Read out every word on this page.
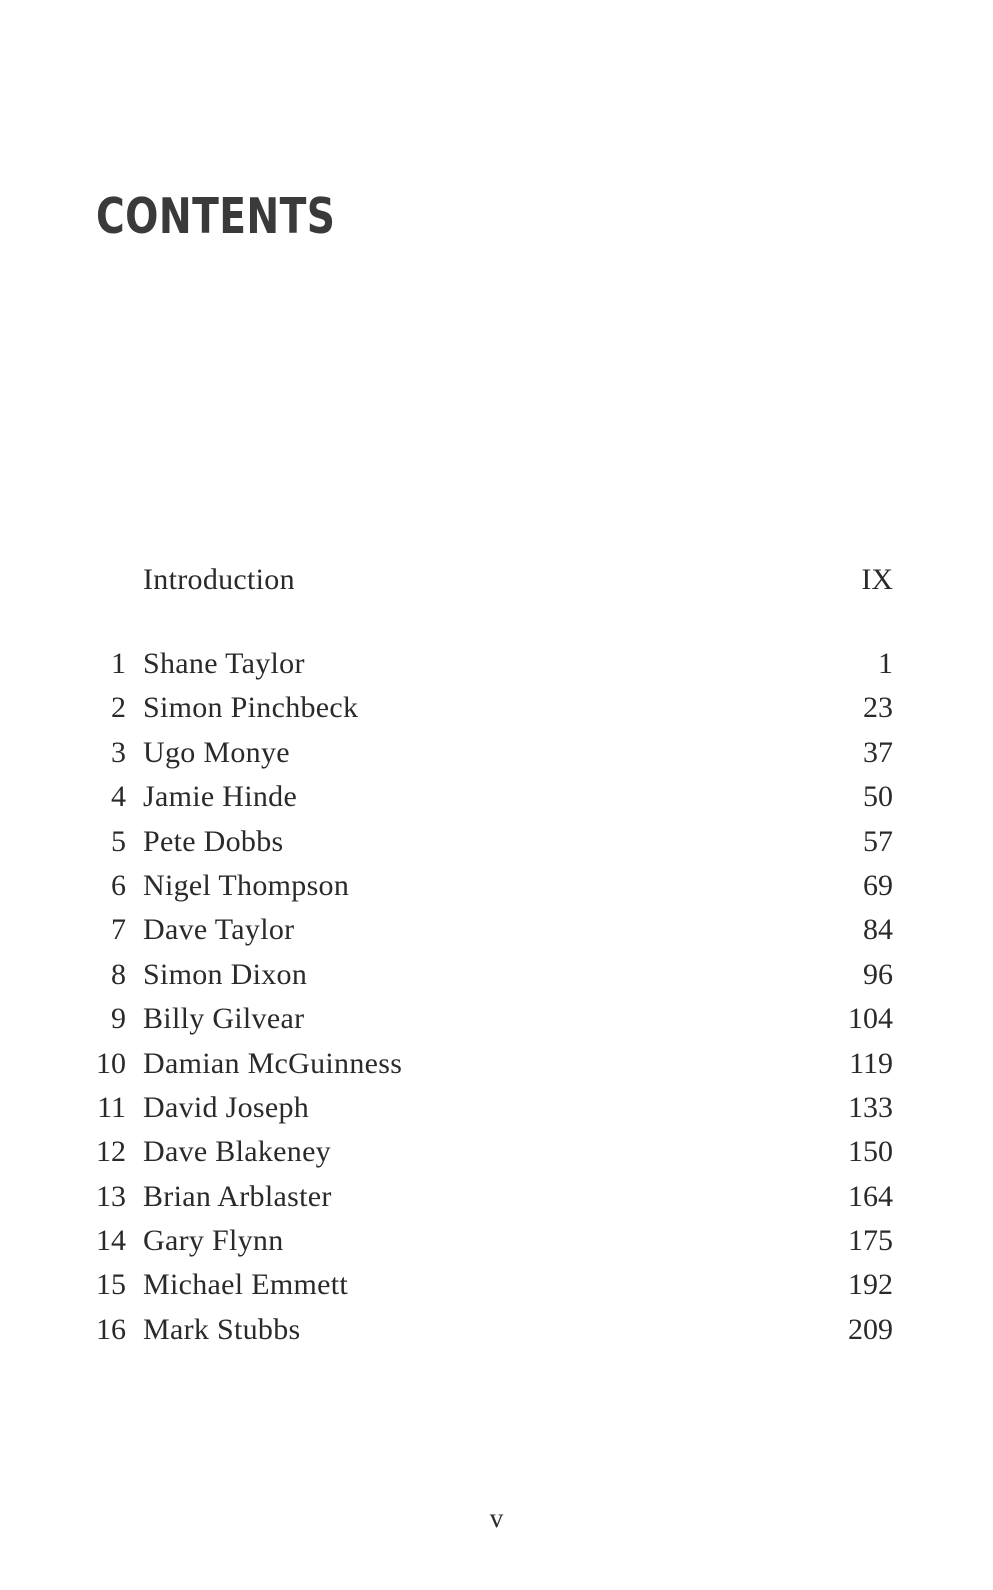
CONTENTS
Introduction	IX
1 Shane Taylor	1
2 Simon Pinchbeck	23
3 Ugo Monye	37
4 Jamie Hinde	50
5 Pete Dobbs	57
6 Nigel Thompson	69
7 Dave Taylor	84
8 Simon Dixon	96
9 Billy Gilvear	104
10 Damian McGuinness	119
11 David Joseph	133
12 Dave Blakeney	150
13 Brian Arblaster	164
14 Gary Flynn	175
15 Michael Emmett	192
16 Mark Stubbs	209
v
